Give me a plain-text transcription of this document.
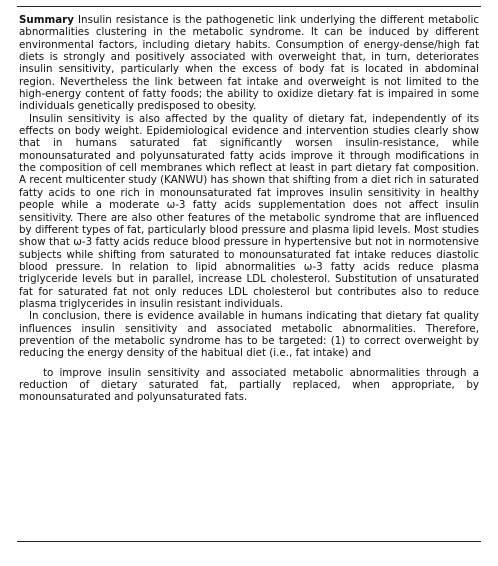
Summary Insulin resistance is the pathogenetic link underlying the different metabolic abnormalities clustering in the metabolic syndrome. It can be induced by different environmental factors, including dietary habits. Consumption of energy-dense/high fat diets is strongly and positively associated with overweight that, in turn, deteriorates insulin sensitivity, particularly when the excess of body fat is located in abdominal region. Nevertheless the link between fat intake and overweight is not limited to the high-energy content of fatty foods; the ability to oxidize dietary fat is impaired in some individuals genetically predisposed to obesity.

Insulin sensitivity is also affected by the quality of dietary fat, independently of its effects on body weight. Epidemiological evidence and intervention studies clearly show that in humans saturated fat significantly worsen insulin-resistance, while monounsaturated and polyunsaturated fatty acids improve it through modifications in the composition of cell membranes which reflect at least in part dietary fat composition. A recent multicenter study (KANWU) has shown that shifting from a diet rich in saturated fatty acids to one rich in monounsaturated fat improves insulin sensitivity in healthy people while a moderate ω-3 fatty acids supplementation does not affect insulin sensitivity. There are also other features of the metabolic syndrome that are influenced by different types of fat, particularly blood pressure and plasma lipid levels. Most studies show that ω-3 fatty acids reduce blood pressure in hypertensive but not in normotensive subjects while shifting from saturated to monounsaturated fat intake reduces diastolic blood pressure. In relation to lipid abnormalities ω-3 fatty acids reduce plasma triglyceride levels but in parallel, increase LDL cholesterol. Substitution of unsaturated fat for saturated fat not only reduces LDL cholesterol but contributes also to reduce plasma triglycerides in insulin resistant individuals.

In conclusion, there is evidence available in humans indicating that dietary fat quality influences insulin sensitivity and associated metabolic abnormalities. Therefore, prevention of the metabolic syndrome has to be targeted: (1) to correct overweight by reducing the energy density of the habitual diet (i.e., fat intake) and

to improve insulin sensitivity and associated metabolic abnormalities through a reduction of dietary saturated fat, partially replaced, when appropriate, by monounsaturated and polyunsaturated fats.
